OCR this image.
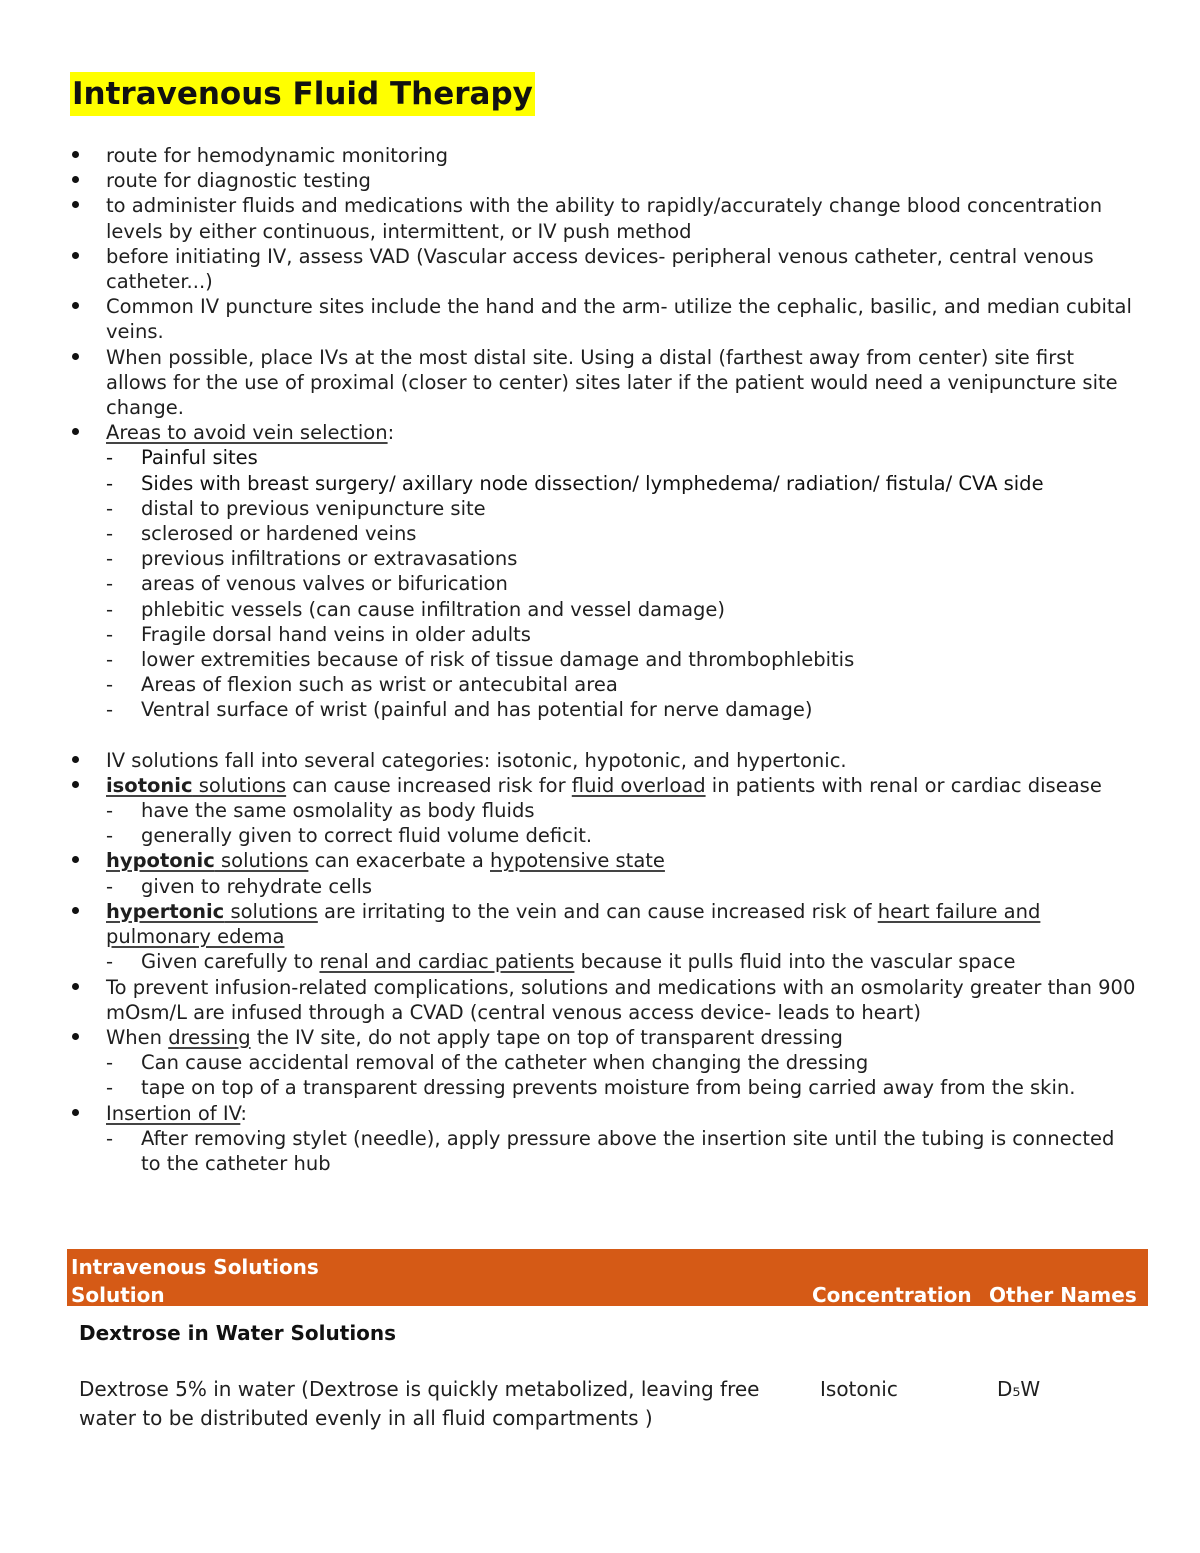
Intravenous Fluid Therapy
route for hemodynamic monitoring
route for diagnostic testing
to administer fluids and medications with the ability to rapidly/accurately change blood concentration levels by either continuous, intermittent, or IV push method
before initiating IV, assess VAD (Vascular access devices- peripheral venous catheter, central venous catheter...)
Common IV puncture sites include the hand and the arm- utilize the cephalic, basilic, and median cubital veins.
When possible, place IVs at the most distal site. Using a distal (farthest away from center) site first allows for the use of proximal (closer to center) sites later if the patient would need a venipuncture site change.
Areas to avoid vein selection:
- Painful sites
- Sides with breast surgery/ axillary node dissection/ lymphedema/ radiation/ fistula/ CVA side
- distal to previous venipuncture site
- sclerosed or hardened veins
- previous infiltrations or extravasations
- areas of venous valves or bifurication
- phlebitic vessels (can cause infiltration and vessel damage)
- Fragile dorsal hand veins in older adults
- lower extremities because of risk of tissue damage and thrombophlebitis
- Areas of flexion such as wrist or antecubital area
- Ventral surface of wrist (painful and has potential for nerve damage)
IV solutions fall into several categories: isotonic, hypotonic, and hypertonic.
isotonic solutions can cause increased risk for fluid overload in patients with renal or cardiac disease
- have the same osmolality as body fluids
- generally given to correct fluid volume deficit.
hypotonic solutions can exacerbate a hypotensive state
- given to rehydrate cells
hypertonic solutions are irritating to the vein and can cause increased risk of heart failure and pulmonary edema
- Given carefully to renal and cardiac patients because it pulls fluid into the vascular space
To prevent infusion-related complications, solutions and medications with an osmolarity greater than 900 mOsm/L are infused through a CVAD (central venous access device- leads to heart)
When dressing the IV site, do not apply tape on top of transparent dressing
- Can cause accidental removal of the catheter when changing the dressing
- tape on top of a transparent dressing prevents moisture from being carried away from the skin.
Insertion of IV:
- After removing stylet (needle), apply pressure above the insertion site until the tubing is connected to the catheter hub
Intravenous Solutions
Solution	Concentration Other Names
Dextrose in Water Solutions
Dextrose 5% in water (Dextrose is quickly metabolized, leaving free water to be distributed evenly in all fluid compartments )
Isotonic	D₅W
